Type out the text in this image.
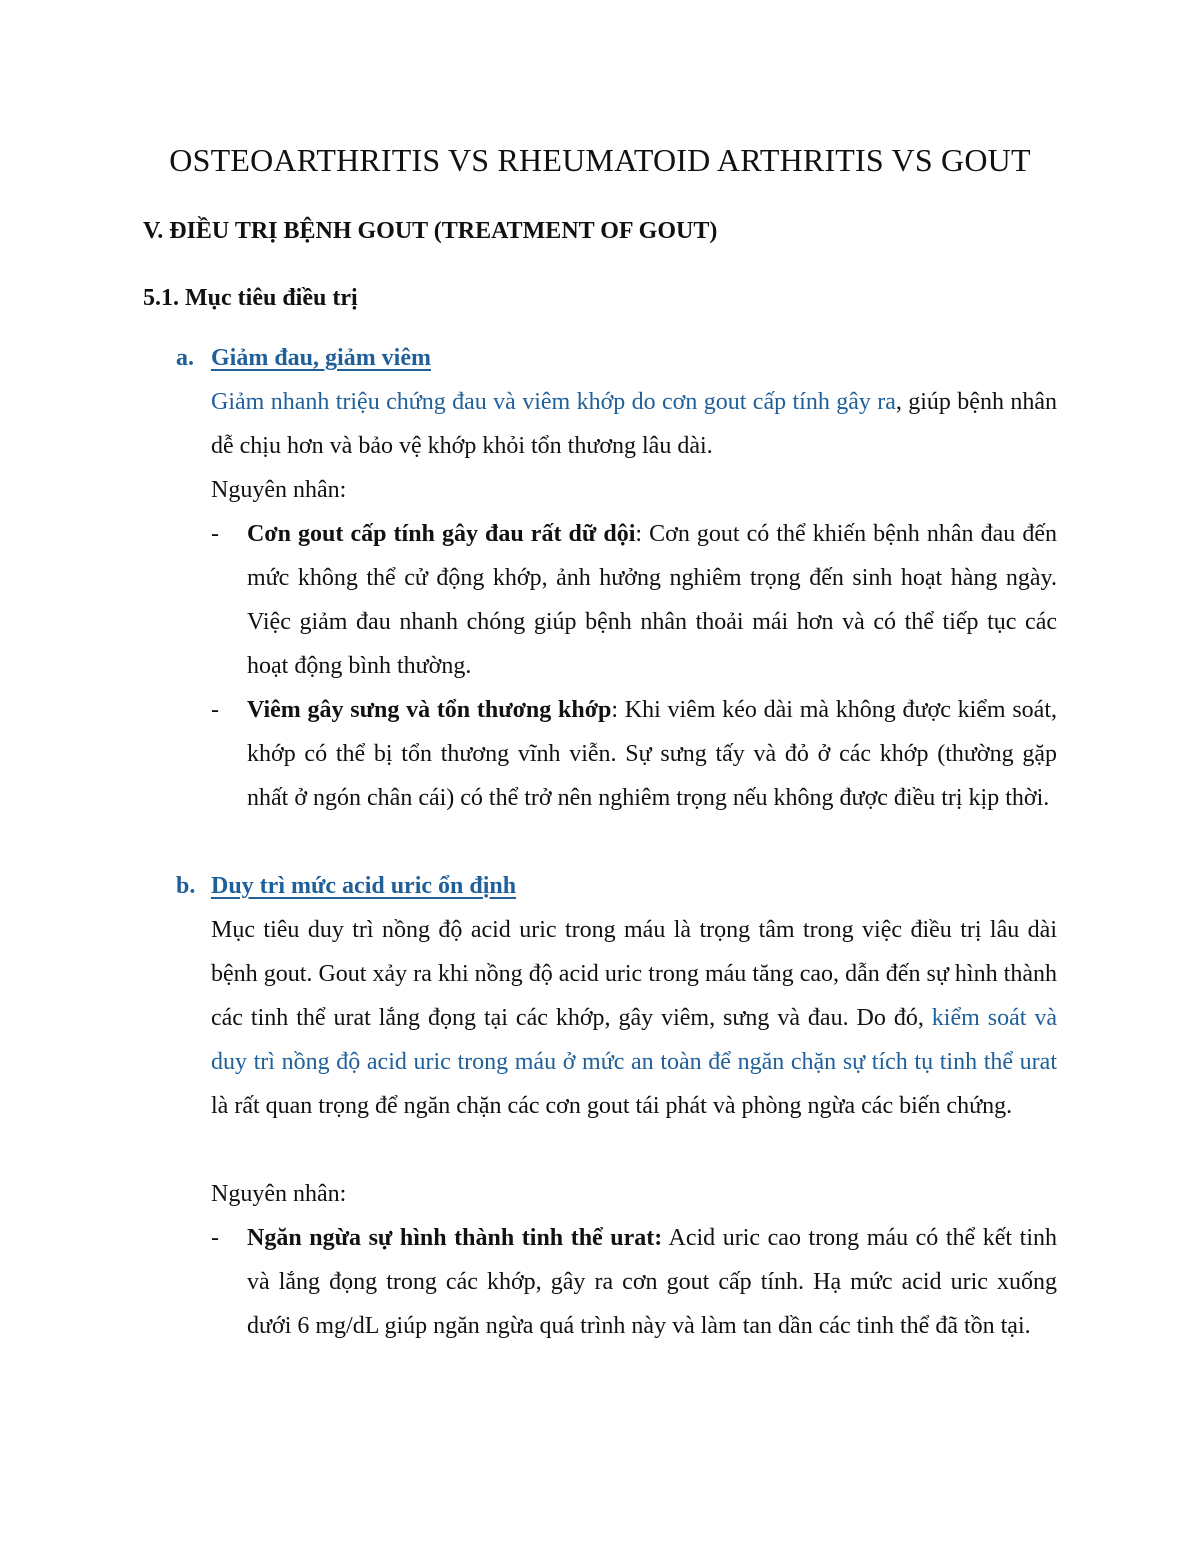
OSTEOARTHRITIS VS RHEUMATOID ARTHRITIS VS GOUT
V. ĐIỀU TRỊ BỆNH GOUT (TREATMENT OF GOUT)
5.1. Mục tiêu điều trị
a. Giảm đau, giảm viêm

Giảm nhanh triệu chứng đau và viêm khớp do cơn gout cấp tính gây ra, giúp bệnh nhân dễ chịu hơn và bảo vệ khớp khỏi tổn thương lâu dài.

Nguyên nhân:

- Cơn gout cấp tính gây đau rất dữ dội: Cơn gout có thể khiến bệnh nhân đau đến mức không thể cử động khớp, ảnh hưởng nghiêm trọng đến sinh hoạt hàng ngày. Việc giảm đau nhanh chóng giúp bệnh nhân thoải mái hơn và có thể tiếp tục các hoạt động bình thường.
- Viêm gây sưng và tổn thương khớp: Khi viêm kéo dài mà không được kiểm soát, khớp có thể bị tổn thương vĩnh viễn. Sự sưng tấy và đỏ ở các khớp (thường gặp nhất ở ngón chân cái) có thể trở nên nghiêm trọng nếu không được điều trị kịp thời.
b. Duy trì mức acid uric ổn định

Mục tiêu duy trì nồng độ acid uric trong máu là trọng tâm trong việc điều trị lâu dài bệnh gout. Gout xảy ra khi nồng độ acid uric trong máu tăng cao, dẫn đến sự hình thành các tinh thể urat lắng đọng tại các khớp, gây viêm, sưng và đau. Do đó, kiểm soát và duy trì nồng độ acid uric trong máu ở mức an toàn để ngăn chặn sự tích tụ tinh thể urat là rất quan trọng để ngăn chặn các cơn gout tái phát và phòng ngừa các biến chứng.

Nguyên nhân:

- Ngăn ngừa sự hình thành tinh thể urat: Acid uric cao trong máu có thể kết tinh và lắng đọng trong các khớp, gây ra cơn gout cấp tính. Hạ mức acid uric xuống dưới 6 mg/dL giúp ngăn ngừa quá trình này và làm tan dần các tinh thể đã tồn tại.
